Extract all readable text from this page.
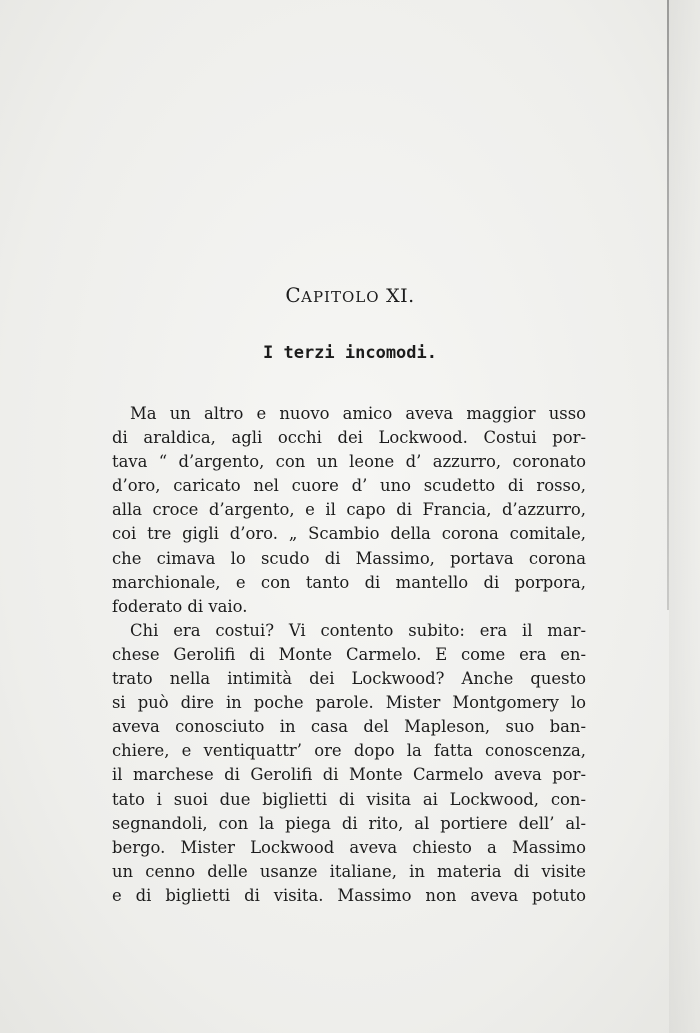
CAPITOLO XI.
I terzi incomodi.
Ma un altro e nuovo amico aveva maggior usso
di araldica, agli occhi dei Lockwood. Costui por-
tava “ d’argento, con un leone d’ azzurro, coronato
d’oro, caricato nel cuore d’ uno scudetto di rosso,
alla croce d’argento, e il capo di Francia, d’azzurro,
coi tre gigli d’oro. „ Scambio della corona comitale,
che cimava lo scudo di Massimo, portava corona
marchionale, e con tanto di mantello di porpora,
foderato di vaio.
Chi era costui? Vi contento subito: era il mar-
chese Gerolifi di Monte Carmelo. E come era en-
trato nella intimità dei Lockwood? Anche questo
si può dire in poche parole. Mister Montgomery lo
aveva conosciuto in casa del Mapleson, suo ban-
chiere, e ventiquattr’ ore dopo la fatta conoscenza,
il marchese di Gerolifi di Monte Carmelo aveva por-
tato i suoi due biglietti di visita ai Lockwood, con-
segnandoli, con la piega di rito, al portiere dell’ al-
bergo. Mister Lockwood aveva chiesto a Massimo
un cenno delle usanze italiane, in materia di visite
e di biglietti di visita. Massimo non aveva potuto
